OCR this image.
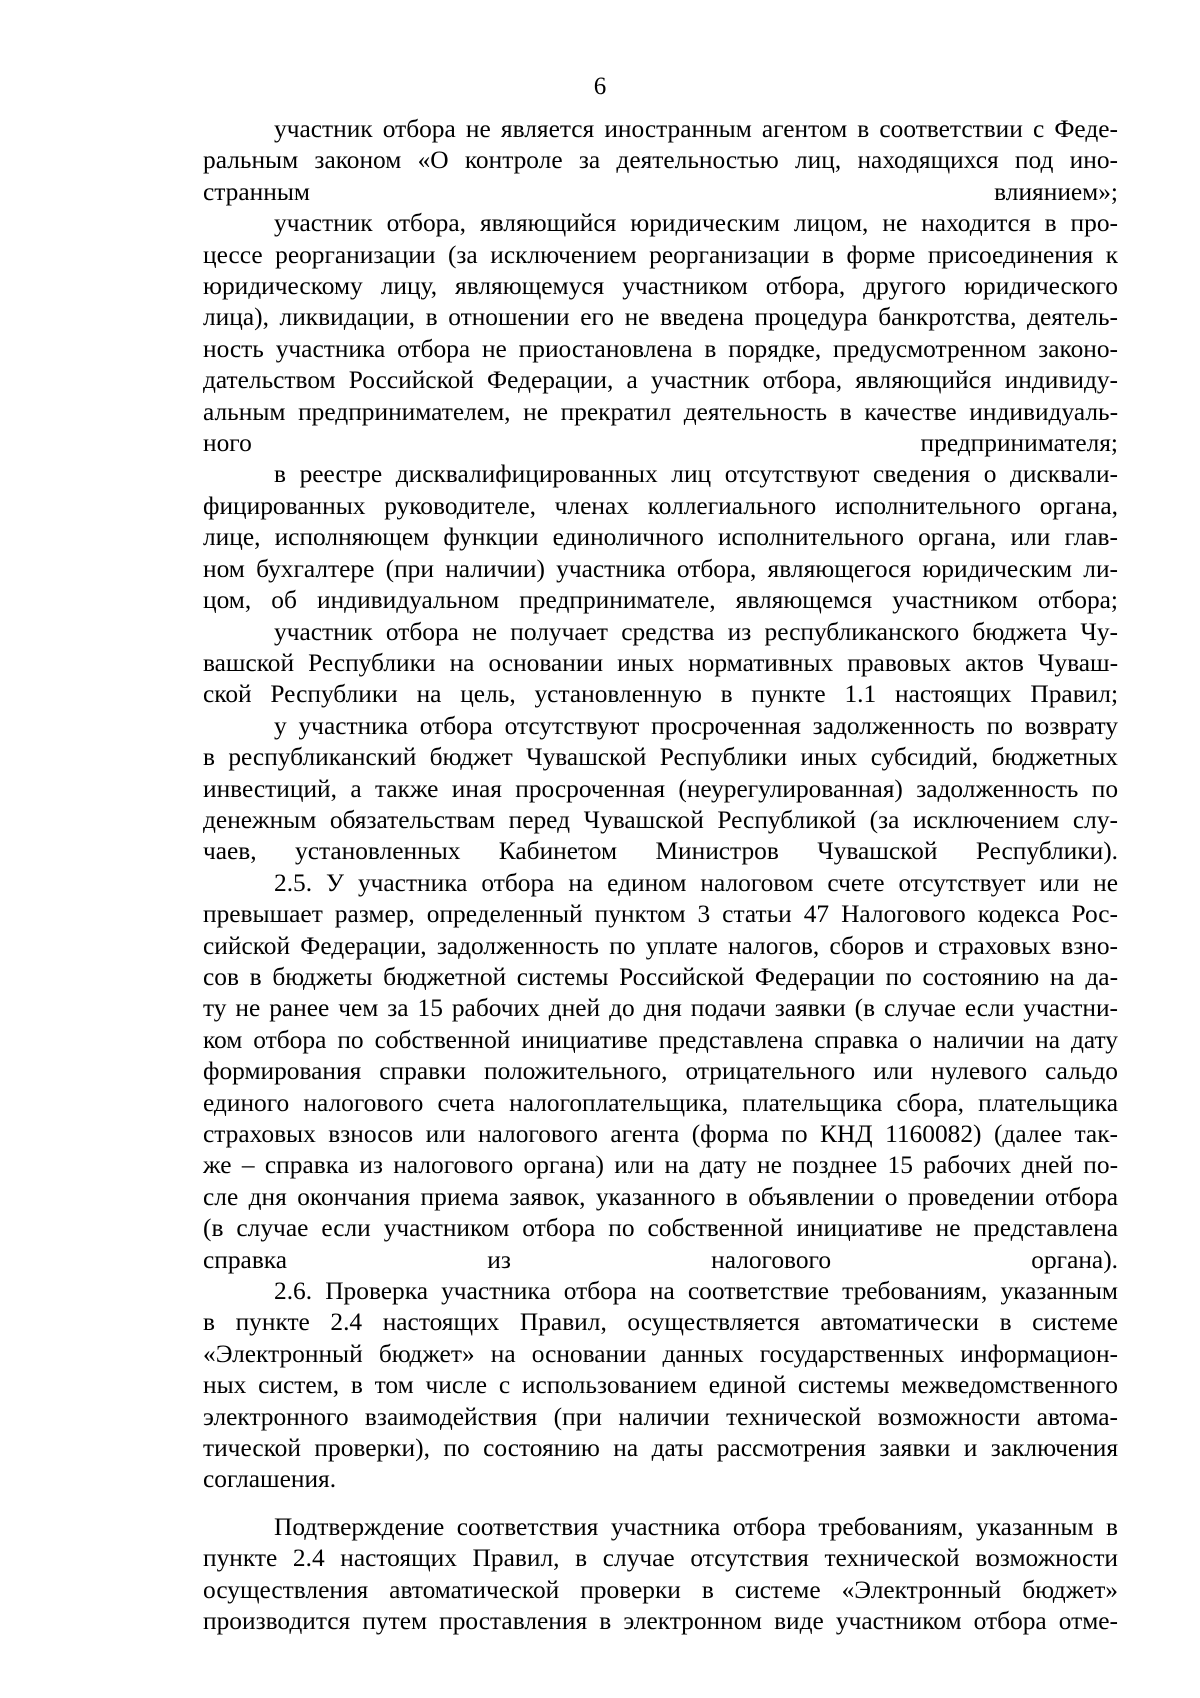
6
участник отбора не является иностранным агентом в соответствии с Феде-
ральным законом «О контроле за деятельностью лиц, находящихся под ино-
странным влиянием»;
участник отбора, являющийся юридическим лицом, не находится в про-
цессе реорганизации (за исключением реорганизации в форме присоединения к
юридическому лицу, являющемуся участником отбора, другого юридического
лица), ликвидации, в отношении его не введена процедура банкротства, деятель-
ность участника отбора не приостановлена в порядке, предусмотренном законо-
дательством Российской Федерации, а участник отбора, являющийся индивиду-
альным предпринимателем, не прекратил деятельность в качестве индивидуаль-
ного предпринимателя;
в реестре дисквалифицированных лиц отсутствуют сведения о дисквали-
фицированных руководителе, членах коллегиального исполнительного органа,
лице, исполняющем функции единоличного исполнительного органа, или глав-
ном бухгалтере (при наличии) участника отбора, являющегося юридическим ли-
цом, об индивидуальном предпринимателе, являющемся участником отбора;
участник отбора не получает средства из республиканского бюджета Чу-
вашской Республики на основании иных нормативных правовых актов Чуваш-
ской Республики на цель, установленную в пункте 1.1 настоящих Правил;
у участника отбора отсутствуют просроченная задолженность по возврату
в республиканский бюджет Чувашской Республики иных субсидий, бюджетных
инвестиций, а также иная просроченная (неурегулированная) задолженность по
денежным обязательствам перед Чувашской Республикой (за исключением слу-
чаев, установленных Кабинетом Министров Чувашской Республики).
2.5. У участника отбора на едином налоговом счете отсутствует или не
превышает размер, определенный пунктом 3 статьи 47 Налогового кодекса Рос-
сийской Федерации, задолженность по уплате налогов, сборов и страховых взно-
сов в бюджеты бюджетной системы Российской Федерации по состоянию на да-
ту не ранее чем за 15 рабочих дней до дня подачи заявки (в случае если участни-
ком отбора по собственной инициативе представлена справка о наличии на дату
формирования справки положительного, отрицательного или нулевого сальдо
единого налогового счета налогоплательщика, плательщика сбора, плательщика
страховых взносов или налогового агента (форма по КНД 1160082) (далее так-
же – справка из налогового органа) или на дату не позднее 15 рабочих дней по-
сле дня окончания приема заявок, указанного в объявлении о проведении отбора
(в случае если участником отбора по собственной инициативе не представлена
справка из налогового органа).
2.6. Проверка участника отбора на соответствие требованиям, указанным
в пункте 2.4 настоящих Правил, осуществляется автоматически в системе
«Электронный бюджет» на основании данных государственных информацион-
ных систем, в том числе с использованием единой системы межведомственного
электронного взаимодействия (при наличии технической возможности автома-
тической проверки), по состоянию на даты рассмотрения заявки и заключения
соглашения.
Подтверждение соответствия участника отбора требованиям, указанным в
пункте 2.4 настоящих Правил, в случае отсутствия технической возможности
осуществления автоматической проверки в системе «Электронный бюджет»
производится путем проставления в электронном виде участником отбора отме-
